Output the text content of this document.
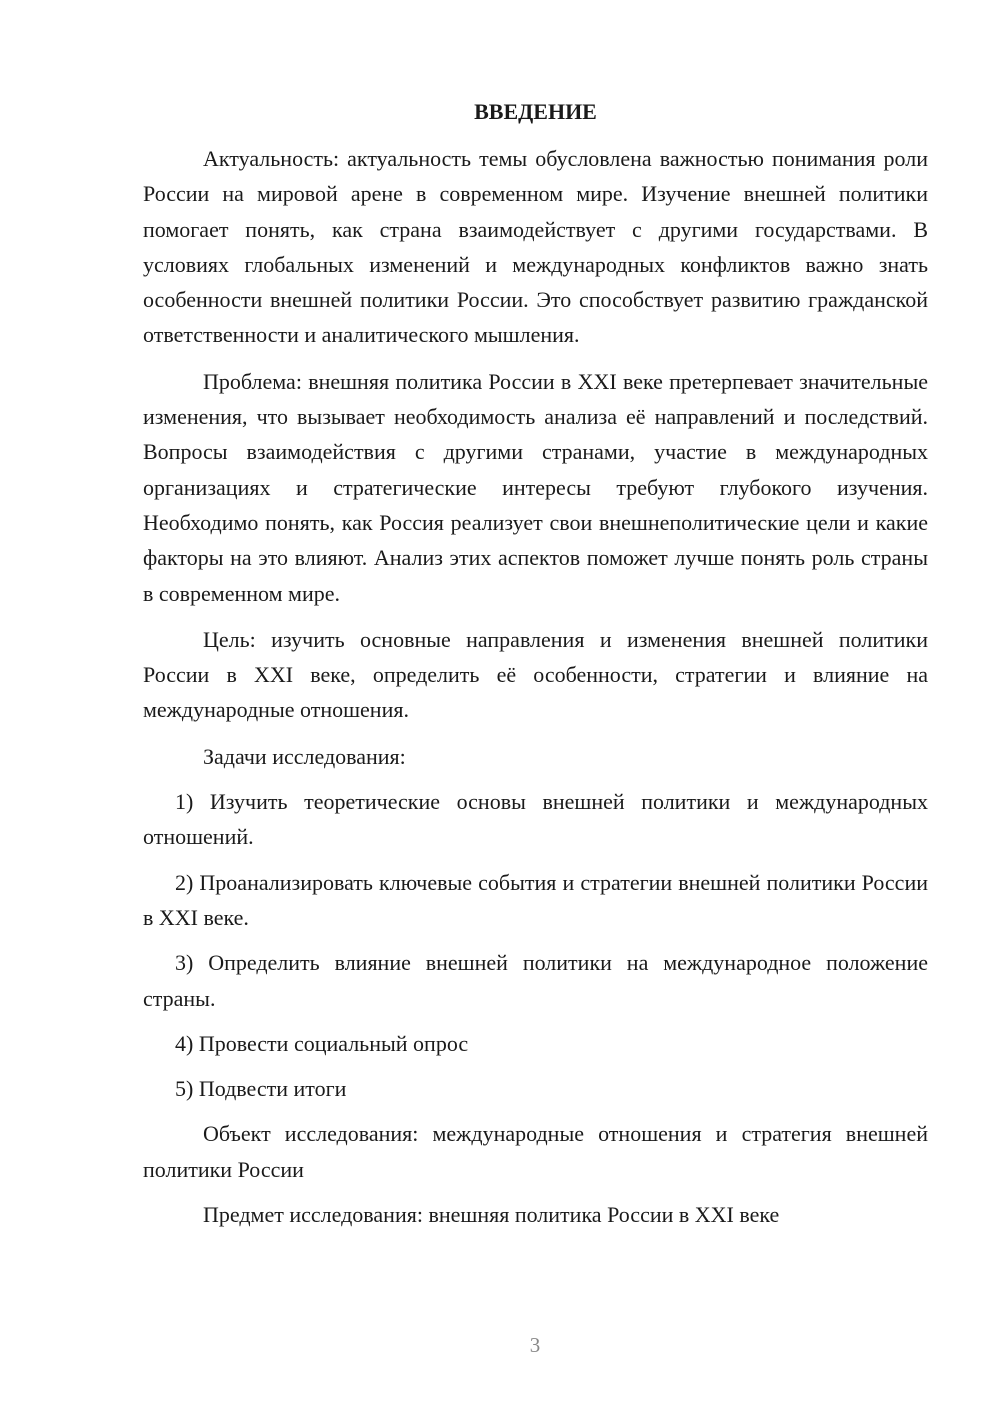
ВВЕДЕНИЕ

Актуальность: актуальность темы обусловлена важностью понимания роли России на мировой арене в современном мире. Изучение внешней политики помогает понять, как страна взаимодействует с другими государствами. В условиях глобальных изменений и международных конфликтов важно знать особенности внешней политики России. Это способствует развитию гражданской ответственности и аналитического мышления.

Проблема: внешняя политика России в XXI веке претерпевает значительные изменения, что вызывает необходимость анализа её направлений и последствий. Вопросы взаимодействия с другими странами, участие в международных организациях и стратегические интересы требуют глубокого изучения. Необходимо понять, как Россия реализует свои внешнеполитические цели и какие факторы на это влияют. Анализ этих аспектов поможет лучше понять роль страны в современном мире.

Цель: изучить основные направления и изменения внешней политики России в XXI веке, определить её особенности, стратегии и влияние на международные отношения.

Задачи исследования:

1) Изучить теоретические основы внешней политики и международных отношений.

2) Проанализировать ключевые события и стратегии внешней политики России в XXI веке.

3) Определить влияние внешней политики на международное положение страны.

4) Провести социальный опрос

5) Подвести итоги

Объект исследования: международные отношения и стратегия внешней политики России

Предмет исследования: внешняя политика России в XXI веке

3
